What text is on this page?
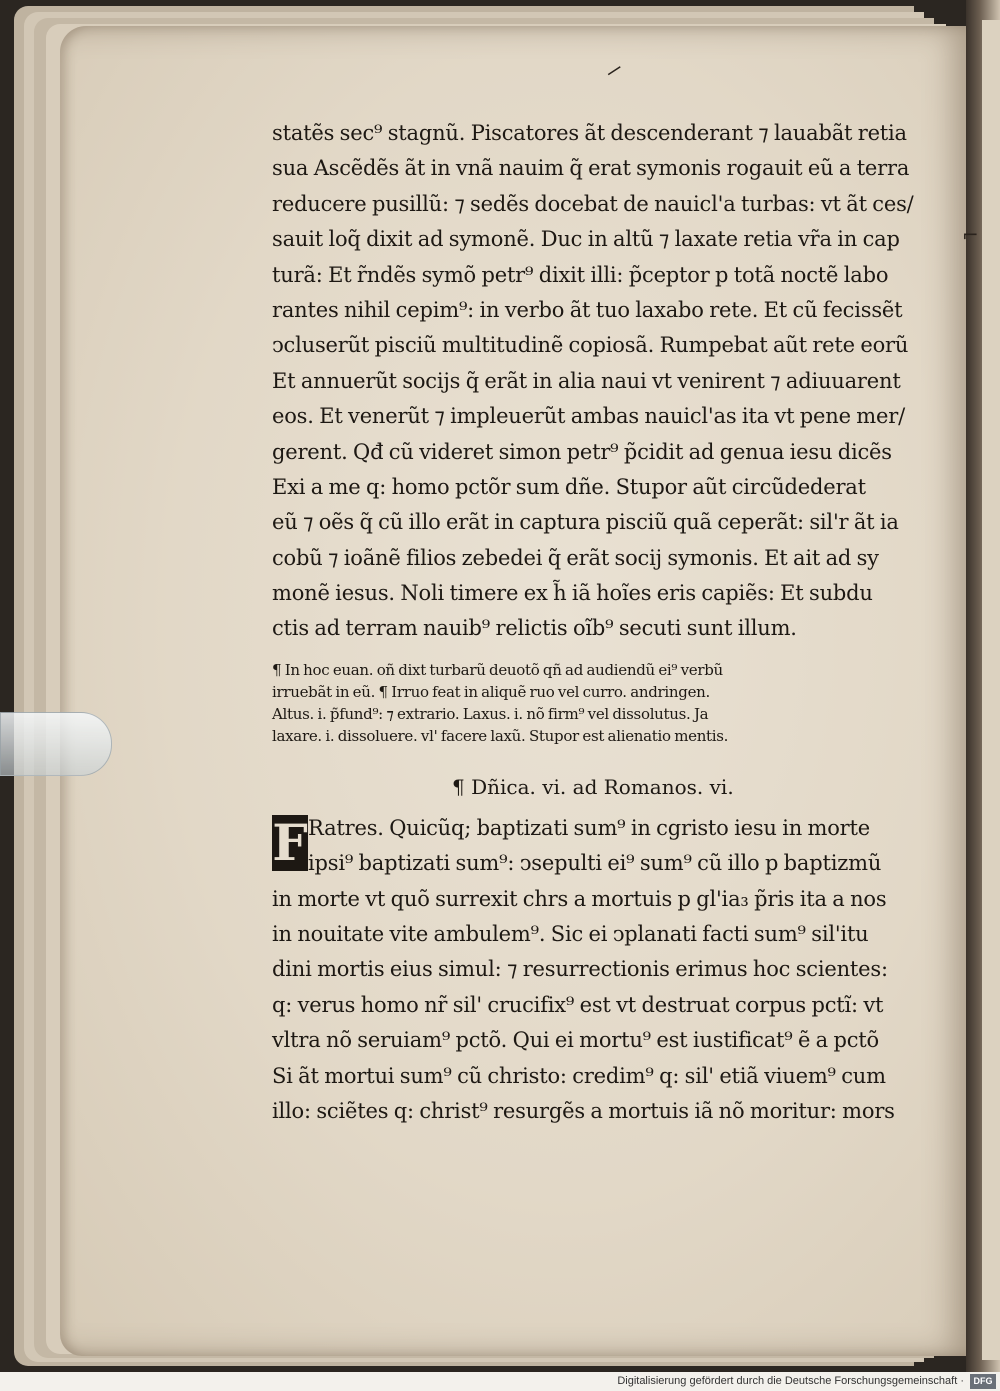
⸝
⌐
statẽs sec⁹ stagnũ. Piscatores ãt descenderant ⁊ lauabãt retia
sua Ascẽdẽs ãt in vnã nauim q̃ erat symonis rogauit eũ a terra
reducere pusillũ: ⁊ sedẽs docebat de nauicl'a turbas: vt ãt ces/
sauit loq̃ dixit ad symonẽ. Duc in altũ ⁊ laxate retia vr̃a in cap
turã: Et r̃ndẽs symõ petr⁹ dixit illi: p̃ceptor p totã noctẽ labo
rantes nihil cepim⁹: in verbo ãt tuo laxabo rete. Et cũ fecissẽt
ↄcluserũt pisciũ multitudinẽ copiosã. Rumpebat aũt rete eorũ
Et annuerũt socijs q̃ erãt in alia naui vt venirent ⁊ adiuuarent
eos. Et venerũt ⁊ impleuerũt ambas nauicl'as ita vt pene mer/
gerent. Qđ cũ videret simon petr⁹ p̃cidit ad genua iesu dicẽs
Exi a me q: homo pctõr sum dñe. Stupor aũt circũdederat
eũ ⁊ oẽs q̃ cũ illo erãt in captura pisciũ quã ceperãt: sil'r ãt ia
cobũ ⁊ ioãnẽ filios zebedei q̃ erãt socij symonis. Et ait ad sy
monẽ iesus. Noli timere ex h̃ iã hoĩes eris capiẽs: Et subdu
ctis ad terram nauib⁹ relictis oĩb⁹ secuti sunt illum.
¶ In hoc euan. oñ dixt turbarũ deuotõ qñ ad audiendũ ei⁹ verbũ
irruebãt in eũ. ¶ Irruo feat in aliquẽ ruo vel curro. andringen.
Altus. i. p̃fund⁹: ⁊ extrario. Laxus. i. nõ firm⁹ vel dissolutus. Ja
laxare. i. dissoluere. vl' facere laxũ. Stupor est alienatio mentis.
¶ Dñica. vi. ad Romanos. vi.
F Ratres. Quicũq; baptizati sum⁹ in cgristo iesu in morte
ipsi⁹ baptizati sum⁹: ↄsepulti ei⁹ sum⁹ cũ illo p baptizmũ
in morte vt quõ surrexit chrs a mortuis p gl'ia₃ p̃ris ita a nos
in nouitate vite ambulem⁹. Sic ei ↄplanati facti sum⁹ sil'itu
dini mortis eius simul: ⁊ resurrectionis erimus hoc scientes:
q: verus homo nr̃ sil' crucifix⁹ est vt destruat corpus pctĩ: vt
vltra nõ seruiam⁹ pctõ. Qui ei mortu⁹ est iustificat⁹ ẽ a pctõ
Si ãt mortui sum⁹ cũ christo: credim⁹ q: sil' etiã viuem⁹ cum
illo: sciẽtes q: christ⁹ resurgẽs a mortuis iã nõ moritur: mors
Digitalisierung gefördert durch die Deutsche Forschungsgemeinschaft ·	DFG
